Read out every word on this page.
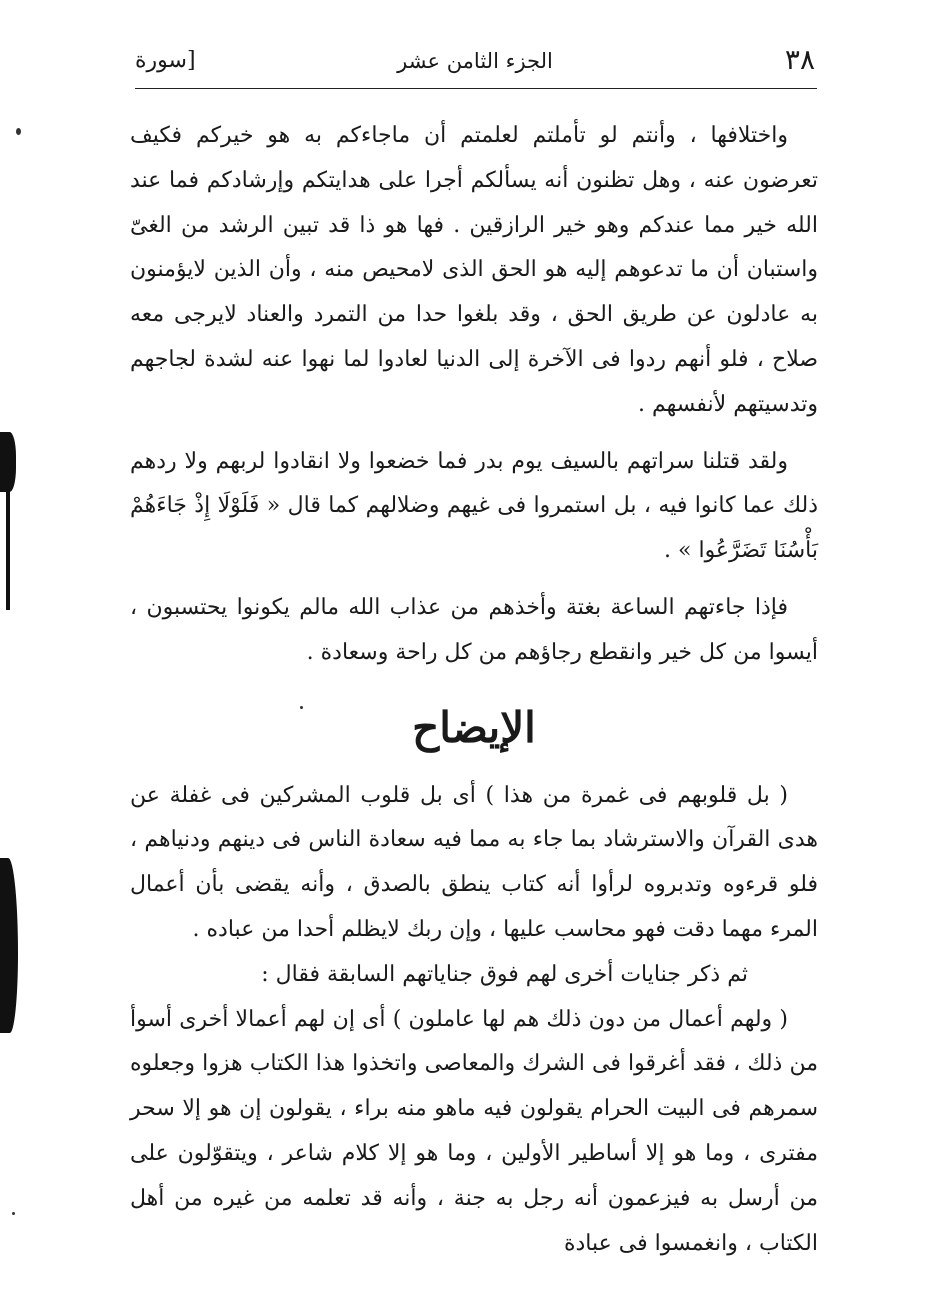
٣٨
الجزء الثامن عشر
[سورة

واختلافها ، وأنتم لو تأملتم لعلمتم أن ماجاءكم به هو خيركم فكيف تعرضون عنه ، وهل تظنون أنه يسألكم أجرا على هدايتكم وإرشادكم فما عند الله خير مما عندكم وهو خير الرازقين . فها هو ذا قد تبين الرشد من الغىّ واستبان أن ما تدعوهم إليه هو الحق الذى لامحيص منه ، وأن الذين لايؤمنون به عادلون عن طريق الحق ، وقد بلغوا حدا من التمرد والعناد لايرجى معه صلاح ، فلو أنهم ردوا فى الآخرة إلى الدنيا لعادوا لما نهوا عنه لشدة لجاجهم وتدسيتهم لأنفسهم .

ولقد قتلنا سراتهم بالسيف يوم بدر فما خضعوا ولا انقادوا لربهم ولا ردهم ذلك عما كانوا فيه ، بل استمروا فى غيهم وضلالهم كما قال « فَلَوْلَا إِذْ جَاءَهُمْ بَأْسُنَا تَضَرَّعُوا » .

فإذا جاءتهم الساعة بغتة وأخذهم من عذاب الله مالم يكونوا يحتسبون ، أيسوا من كل خير وانقطع رجاؤهم من كل راحة وسعادة .

الإيضاح

( بل قلوبهم فى غمرة من هذا ) أى بل قلوب المشركين فى غفلة عن هدى القرآن والاسترشاد بما جاء به مما فيه سعادة الناس فى دينهم ودنياهم ، فلو قرءوه وتدبروه لرأوا أنه كتاب ينطق بالصدق ، وأنه يقضى بأن أعمال المرء مهما دقت فهو محاسب عليها ، وإن ربك لايظلم أحدا من عباده .

ثم ذكر جنايات أخرى لهم فوق جناياتهم السابقة فقال :

( ولهم أعمال من دون ذلك هم لها عاملون ) أى إن لهم أعمالا أخرى أسوأ من ذلك ، فقد أغرقوا فى الشرك والمعاصى واتخذوا هذا الكتاب هزوا وجعلوه سمرهم فى البيت الحرام يقولون فيه ماهو منه براء ، يقولون إن هو إلا سحر مفترى ، وما هو إلا أساطير الأولين ، وما هو إلا كلام شاعر ، ويتقوّلون على من أرسل به فيزعمون أنه رجل به جنة ، وأنه قد تعلمه من غيره من أهل الكتاب ، وانغمسوا فى عبادة
